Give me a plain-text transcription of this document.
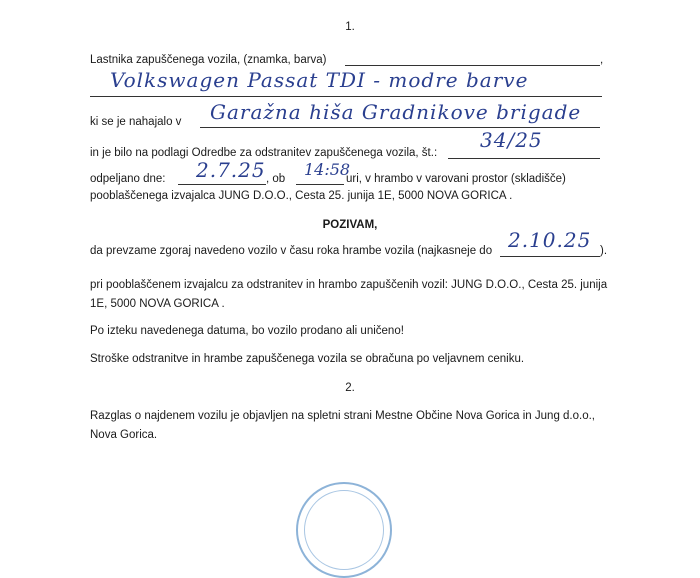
1.
Lastnika zapuščenega vozila, (znamka, barva)	,
Volkswagen Passat TDI - modre barve
ki se je nahajalo v Garažna hiša Gradnikove brigade
in je bilo na podlagi Odredbe za odstranitev zapuščenega vozila, št.:
34/25
odpeljano dne: 2.7.25 , ob 14:58
uri, v hrambo v varovani prostor (skladišče)
pooblaščenega izvajalca JUNG D.O.O., Cesta 25. junija 1E, 5000 NOVA GORICA .
POZIVAM,
da prevzame zgoraj navedeno vozilo v času roka hrambe vozila (najkasneje do 2.10.25 ).
pri pooblaščenem izvajalcu za odstranitev in hrambo zapuščenih vozil: JUNG D.O.O., Cesta 25. junija
1E, 5000 NOVA GORICA .
Po izteku navedenega datuma, bo vozilo prodano ali uničeno!
Stroške odstranitve in hrambe zapuščenega vozila se obračuna po veljavnem ceniku.
2.
Razglas o najdenem vozilu je objavljen na spletni strani Mestne Občine Nova Gorica in Jung d.o.o.,
Nova Gorica.
